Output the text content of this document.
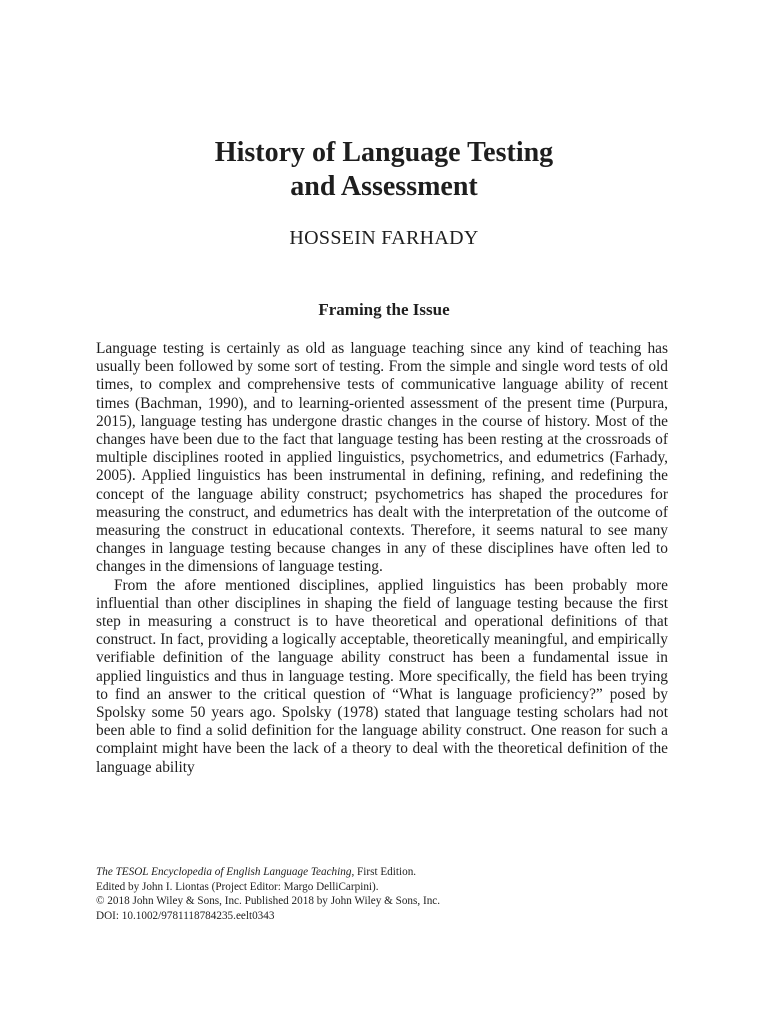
History of Language Testing
and Assessment
HOSSEIN FARHADY
Framing the Issue

Language testing is certainly as old as language teaching since any kind of teaching has usually been followed by some sort of testing. From the simple and single word tests of old times, to complex and comprehensive tests of communicative language ability of recent times (Bachman, 1990), and to learning-oriented assessment of the present time (Purpura, 2015), language testing has undergone drastic changes in the course of history. Most of the changes have been due to the fact that language testing has been resting at the crossroads of multiple disciplines rooted in applied linguistics, psychometrics, and edumetrics (Farhady, 2005). Applied linguistics has been instrumental in defining, refining, and redefining the concept of the language ability construct; psychometrics has shaped the procedures for measuring the construct, and edumetrics has dealt with the interpretation of the outcome of measuring the construct in educational contexts. Therefore, it seems natural to see many changes in language testing because changes in any of these disciplines have often led to changes in the dimensions of language testing.

From the afore mentioned disciplines, applied linguistics has been probably more influential than other disciplines in shaping the field of language testing because the first step in measuring a construct is to have theoretical and operational definitions of that construct. In fact, providing a logically acceptable, theoretically meaningful, and empirically verifiable definition of the language ability construct has been a fundamental issue in applied linguistics and thus in language testing. More specifically, the field has been trying to find an answer to the critical question of “What is language proficiency?” posed by Spolsky some 50 years ago. Spolsky (1978) stated that language testing scholars had not been able to find a solid definition for the language ability construct. One reason for such a complaint might have been the lack of a theory to deal with the theoretical definition of the language ability

The TESOL Encyclopedia of English Language Teaching, First Edition.
Edited by John I. Liontas (Project Editor: Margo DelliCarpini).
© 2018 John Wiley & Sons, Inc. Published 2018 by John Wiley & Sons, Inc.
DOI: 10.1002/9781118784235.eelt0343
